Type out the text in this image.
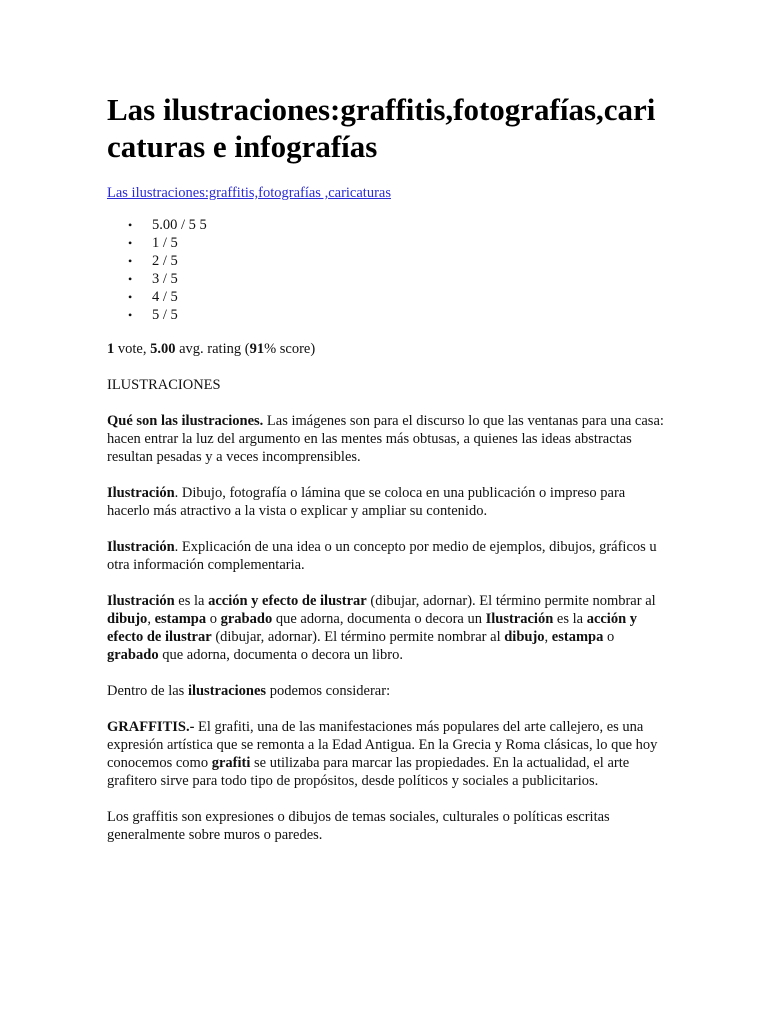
Las ilustraciones:graffitis,fotografías,caricaturas e infografías
Las ilustraciones:graffitis,fotografías ,caricaturas
• 5.00 / 5 5
• 1 / 5
• 2 / 5
• 3 / 5
• 4 / 5
• 5 / 5

1 vote, 5.00 avg. rating (91% score)

ILUSTRACIONES

Qué son las ilustraciones. Las imágenes son para el discurso lo que las ventanas para una casa: hacen entrar la luz del argumento en las mentes más obtusas, a quienes las ideas abstractas resultan pesadas y a veces incomprensibles.

Ilustración. Dibujo, fotografía o lámina que se coloca en una publicación o impreso para hacerlo más atractivo a la vista o explicar y ampliar su contenido.

Ilustración. Explicación de una idea o un concepto por medio de ejemplos, dibujos, gráficos u otra información complementaria.

Ilustración es la acción y efecto de ilustrar (dibujar, adornar). El término permite nombrar al dibujo, estampa o grabado que adorna, documenta o decora un Ilustración es la acción y efecto de ilustrar (dibujar, adornar). El término permite nombrar al dibujo, estampa o grabado que adorna, documenta o decora un libro.

Dentro de las ilustraciones podemos considerar:

GRAFFITIS.- El grafiti, una de las manifestaciones más populares del arte callejero, es una expresión artística que se remonta a la Edad Antigua. En la Grecia y Roma clásicas, lo que hoy conocemos como grafiti se utilizaba para marcar las propiedades. En la actualidad, el arte grafitero sirve para todo tipo de propósitos, desde políticos y sociales a publicitarios.

Los graffitis son expresiones o dibujos de temas sociales, culturales o políticas escritas generalmente sobre muros o paredes.
